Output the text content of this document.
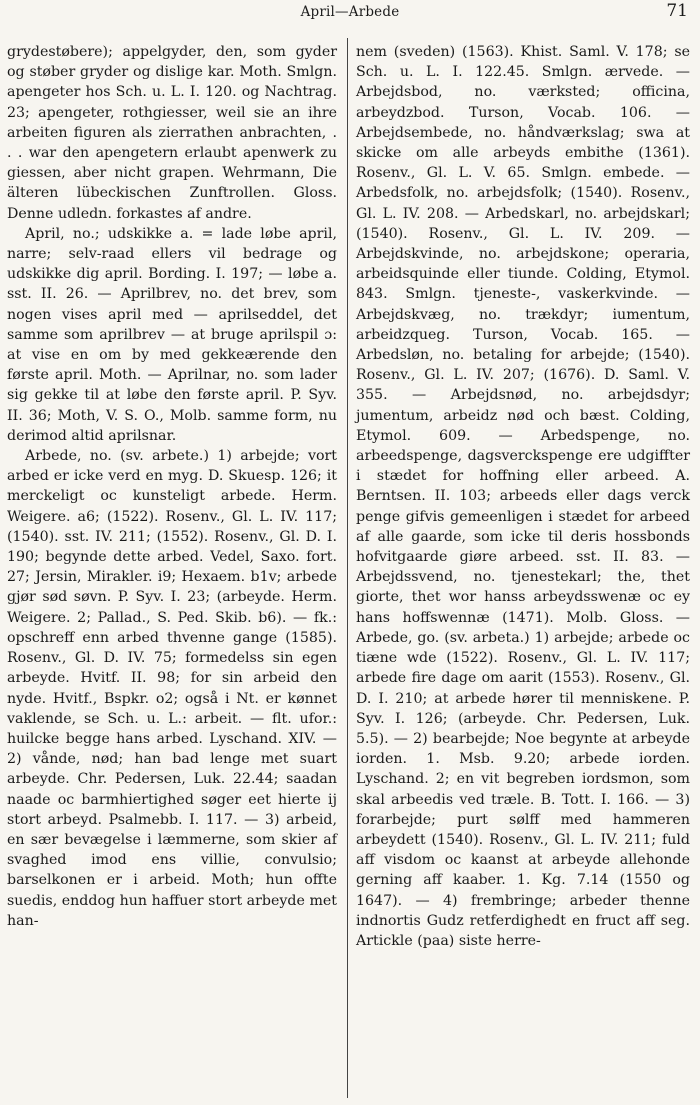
April—Arbede	71

grydestøbere); appelgyder, den, som gyder og støber gryder og dislige kar. Moth. Smlgn. apengeter hos Sch. u. L. I. 120. og Nachtrag. 23; apengeter, rothgiesser, weil sie an ihre arbeiten figuren als zierrathen anbrachten, . . . war den apengetern erlaubt apenwerk zu giessen, aber nicht grapen. Wehrmann, Die älteren lübeckischen Zunftrollen. Gloss. Denne udledn. forkastes af andre.

April, no.; udskikke a. = lade løbe april, narre; selv-raad ellers vil bedrage og udskikke dig april. Bording. I. 197; — løbe a. sst. II. 26. — Aprilbrev, no. det brev, som nogen vises april med — aprilseddel, det samme som aprilbrev — at bruge aprilspil ɔ: at vise en om by med gekkeærende den første april. Moth. — Aprilnar, no. som lader sig gekke til at løbe den første april. P. Syv. II. 36; Moth, V. S. O., Molb. samme form, nu derimod altid aprilsnar.

Arbede, no. (sv. arbete.) 1) arbejde; vort arbed er icke verd en myg. D. Skuesp. 126; it merckeligt oc kunsteligt arbede. Herm. Weigere. a6; (1522). Rosenv., Gl. L. IV. 117; (1540). sst. IV. 211; (1552). Rosenv., Gl. D. I. 190; begynde dette arbed. Vedel, Saxo. fort. 27; Jersin, Mirakler. i9; Hexaem. b1v; arbede gjør sød søvn. P. Syv. I. 23; (arbeyde. Herm. Weigere. 2; Pallad., S. Ped. Skib. b6). — fk.: opschreff enn arbed thvenne gange (1585). Rosenv., Gl. D. IV. 75; formedelss sin egen arbeyde. Hvitf. II. 98; for sin arbeid den nyde. Hvitf., Bspkr. o2; også i Nt. er kønnet vaklende, se Sch. u. L.: arbeit. — flt. ufor.: huilcke begge hans arbed. Lyschand. XIV. — 2) vånde, nød; han bad lenge met suart arbeyde. Chr. Pedersen, Luk. 22.44; saadan naade oc barmhiertighed søger eet hierte ij stort arbeyd. Psalmebb. I. 117. — 3) arbeid, en sær bevægelse i læmmerne, som skier af svaghed imod ens villie, convulsio; barselkonen er i arbeid. Moth; hun offte suedis, enddog hun haffuer stort arbeyde met han-

nem (sveden) (1563). Khist. Saml. V. 178; se Sch. u. L. I. 122.45. Smlgn. ærvede. — Arbejdsbod, no. værksted; officina, arbeydzbod. Turson, Vocab. 106. — Arbejdsembede, no. håndværkslag; swa at skicke om alle arbeyds embithe (1361). Rosenv., Gl. L. V. 65. Smlgn. embede. — Arbedsfolk, no. arbejdsfolk; (1540). Rosenv., Gl. L. IV. 208. — Arbedskarl, no. arbejdskarl; (1540). Rosenv., Gl. L. IV. 209. — Arbejdskvinde, no. arbejdskone; operaria, arbeidsquinde eller tiunde. Colding, Etymol. 843. Smlgn. tjeneste-, vaskerkvinde. — Arbejdskvæg, no. trækdyr; iumentum, arbeidzqueg. Turson, Vocab. 165. — Arbedsløn, no. betaling for arbejde; (1540). Rosenv., Gl. L. IV. 207; (1676). D. Saml. V. 355. — Arbejdsnød, no. arbejdsdyr; jumentum, arbeidz nød och bæst. Colding, Etymol. 609. — Arbedspenge, no. arbeedspenge, dagsverckspenge ere udgiffter i stædet for hoffning eller arbeed. A. Berntsen. II. 103; arbeeds eller dags verck penge gifvis gemeenligen i stædet for arbeed af alle gaarde, som icke til deris hossbonds hofvitgaarde giøre arbeed. sst. II. 83. — Arbejdssvend, no. tjenestekarl; the, thet giorte, thet wor hanss arbeydsswenæ oc ey hans hoffswennæ (1471). Molb. Gloss. — Arbede, go. (sv. arbeta.) 1) arbejde; arbede oc tiæne wde (1522). Rosenv., Gl. L. IV. 117; arbede fire dage om aarit (1553). Rosenv., Gl. D. I. 210; at arbede hører til menniskene. P. Syv. I. 126; (arbeyde. Chr. Pedersen, Luk. 5.5). — 2) bearbejde; Noe begynte at arbeyde iorden. 1. Msb. 9.20; arbede iorden. Lyschand. 2; en vit begreben iordsmon, som skal arbeedis ved træle. B. Tott. I. 166. — 3) forarbejde; purt sølff med hammeren arbeydett (1540). Rosenv., Gl. L. IV. 211; fuld aff visdom oc kaanst at arbeyde allehonde gerning aff kaaber. 1. Kg. 7.14 (1550 og 1647). — 4) frembringe; arbeder thenne indnortis Gudz retferdighedt en fruct aff seg. Artickle (paa) siste herre-
